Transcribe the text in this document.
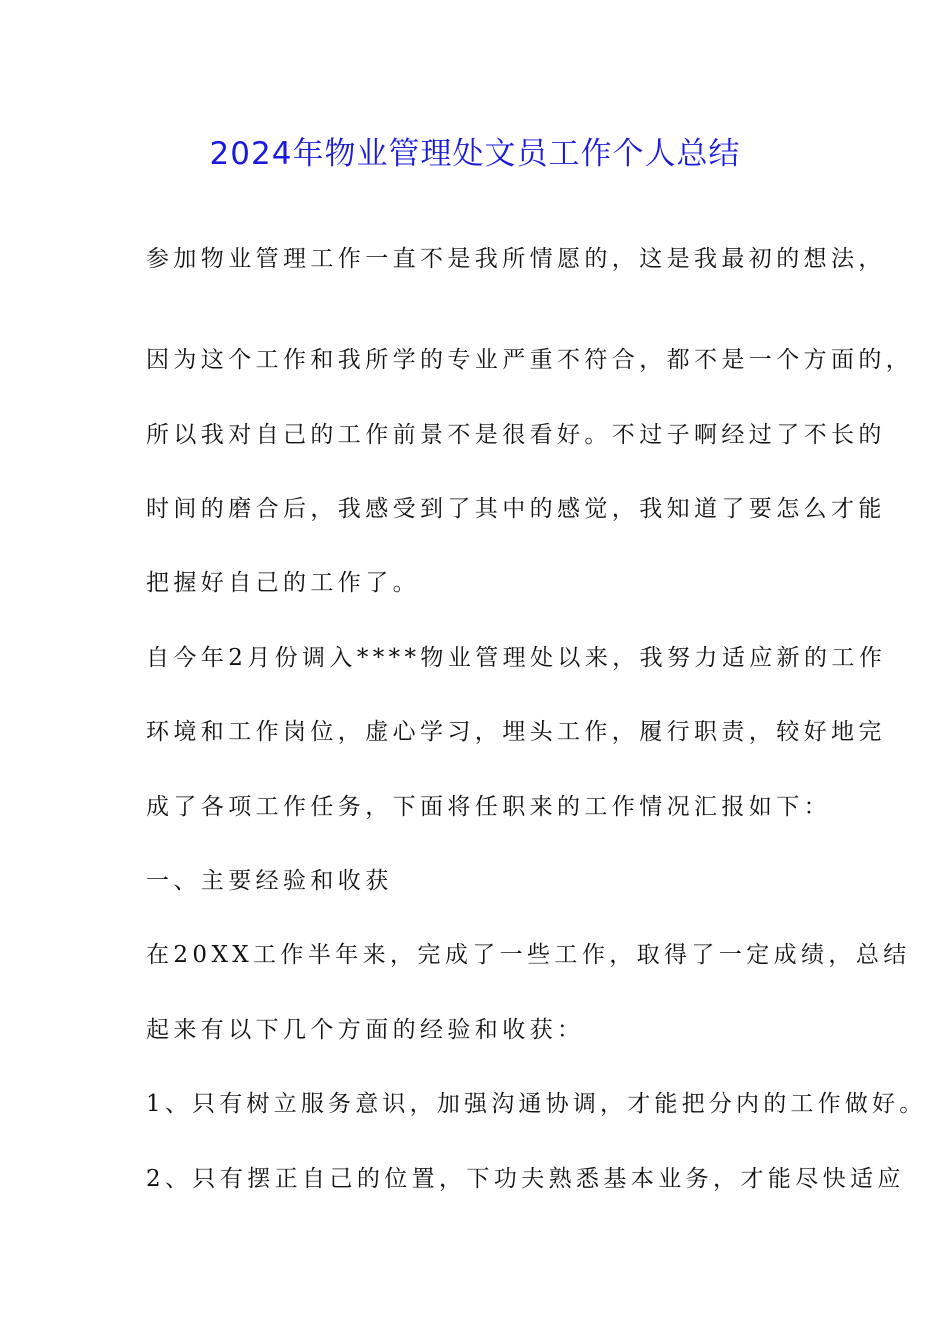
2024年物业管理处文员工作个人总结
参加物业管理工作一直不是我所情愿的，这是我最初的想法，
因为这个工作和我所学的专业严重不符合，都不是一个方面的，
所以我对自己的工作前景不是很看好。不过子啊经过了不长的
时间的磨合后，我感受到了其中的感觉，我知道了要怎么才能
把握好自己的工作了。
自今年2月份调入****物业管理处以来，我努力适应新的工作
环境和工作岗位，虚心学习，埋头工作，履行职责，较好地完
成了各项工作任务，下面将任职来的工作情况汇报如下：
一、主要经验和收获
在20XX工作半年来，完成了一些工作，取得了一定成绩，总结
起来有以下几个方面的经验和收获：
1、只有树立服务意识，加强沟通协调，才能把分内的工作做好。
2、只有摆正自己的位置，下功夫熟悉基本业务，才能尽快适应
